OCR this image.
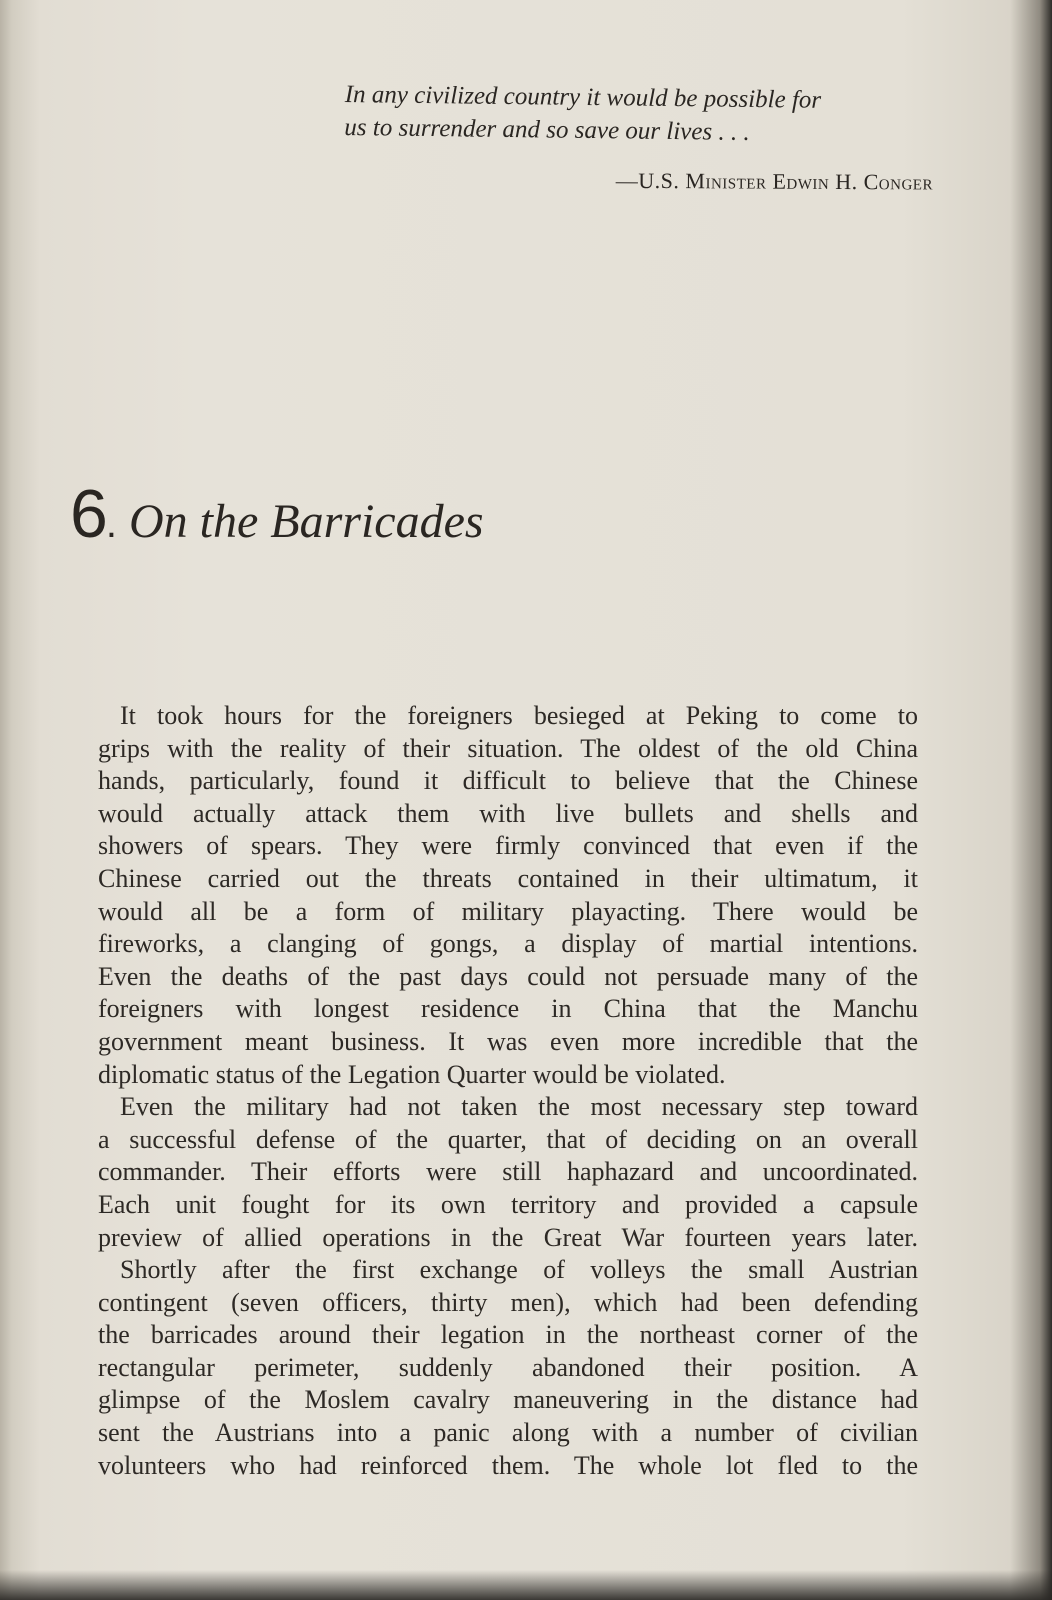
In any civilized country it would be possible for
us to surrender and so save our lives . . .

—U.S. Minister Edwin H. Conger

6 . On the Barricades

It took hours for the foreigners besieged at Peking to come to
grips with the reality of their situation. The oldest of the old China
hands, particularly, found it difficult to believe that the Chinese
would actually attack them with live bullets and shells and
showers of spears. They were firmly convinced that even if the
Chinese carried out the threats contained in their ultimatum, it
would all be a form of military playacting. There would be
fireworks, a clanging of gongs, a display of martial intentions.
Even the deaths of the past days could not persuade many of the
foreigners with longest residence in China that the Manchu
government meant business. It was even more incredible that the
diplomatic status of the Legation Quarter would be violated.

Even the military had not taken the most necessary step toward
a successful defense of the quarter, that of deciding on an overall
commander. Their efforts were still haphazard and uncoordinated.
Each unit fought for its own territory and provided a capsule
preview of allied operations in the Great War fourteen years later.

Shortly after the first exchange of volleys the small Austrian
contingent (seven officers, thirty men), which had been defending
the barricades around their legation in the northeast corner of the
rectangular perimeter, suddenly abandoned their position. A
glimpse of the Moslem cavalry maneuvering in the distance had
sent the Austrians into a panic along with a number of civilian
volunteers who had reinforced them. The whole lot fled to the
